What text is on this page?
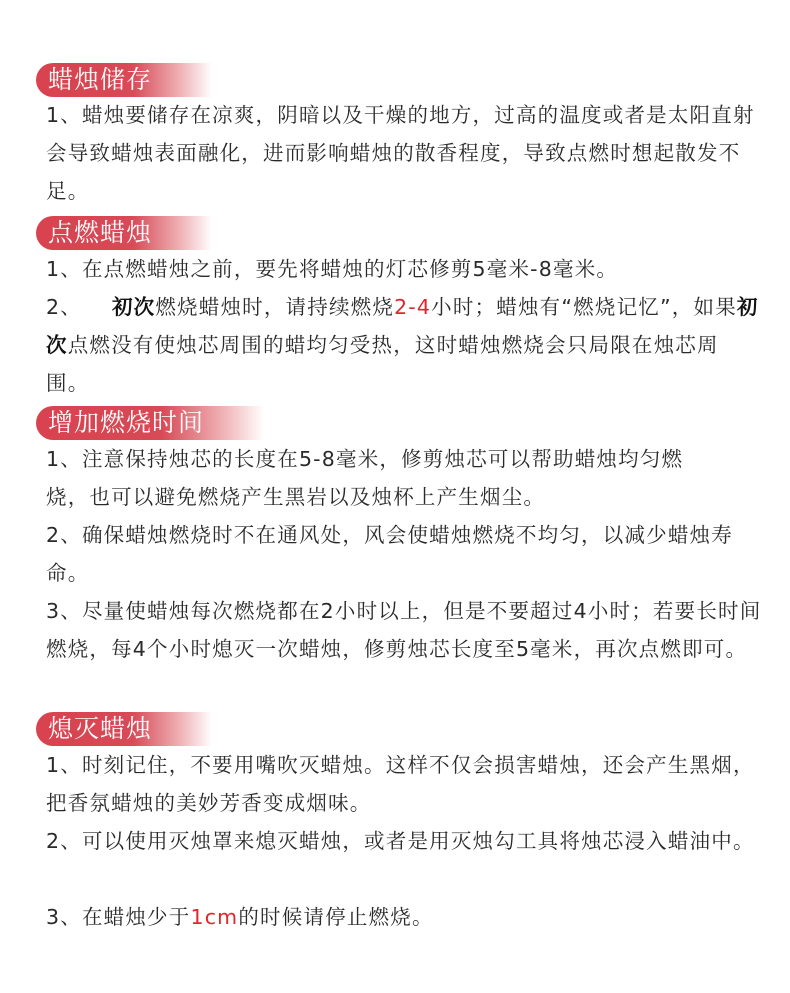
蜡烛储存
1、蜡烛要储存在凉爽，阴暗以及干燥的地方，过高的温度或者是太阳直射会导致蜡烛表面融化，进而影响蜡烛的散香程度，导致点燃时想起散发不足。
点燃蜡烛
1、在点燃蜡烛之前，要先将蜡烛的灯芯修剪5毫米-8毫米。
2、 初次燃烧蜡烛时，请持续燃烧2-4小时；蜡烛有“燃烧记忆”，如果初次点燃没有使烛芯周围的蜡均匀受热，这时蜡烛燃烧会只局限在烛芯周围。
增加燃烧时间
1、注意保持烛芯的长度在5-8毫米，修剪烛芯可以帮助蜡烛均匀燃烧，也可以避免燃烧产生黑岩以及烛杯上产生烟尘。
2、确保蜡烛燃烧时不在通风处，风会使蜡烛燃烧不均匀，以减少蜡烛寿命。
3、尽量使蜡烛每次燃烧都在2小时以上，但是不要超过4小时；若要长时间燃烧，每4个小时熄灭一次蜡烛，修剪烛芯长度至5毫米，再次点燃即可。
熄灭蜡烛
1、时刻记住，不要用嘴吹灭蜡烛。这样不仅会损害蜡烛，还会产生黑烟，把香氛蜡烛的美妙芳香变成烟味。
2、可以使用灭烛罩来熄灭蜡烛，或者是用灭烛勾工具将烛芯浸入蜡油中。
3、在蜡烛少于1cm的时候请停止燃烧。
